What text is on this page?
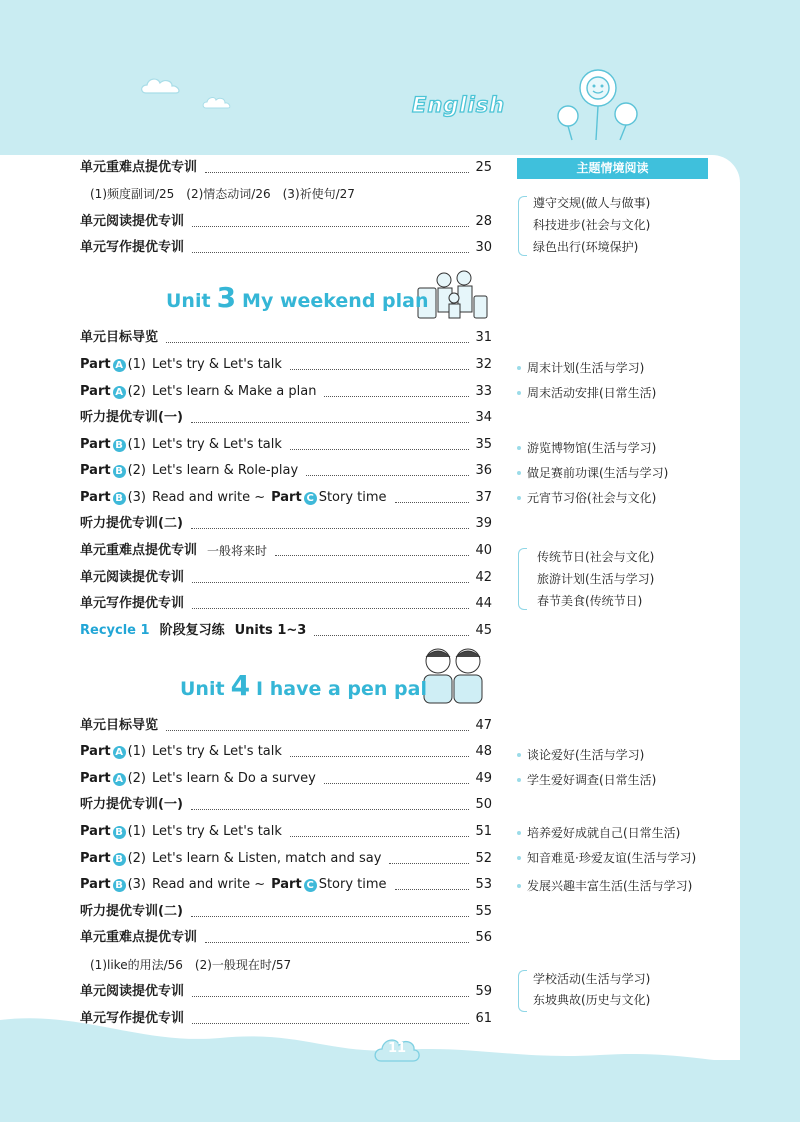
English
主题情境阅读
单元重难点提优专训	25
(1)频度副词/25　(2)情态动词/26　(3)祈使句/27
单元阅读提优专训	28
单元写作提优专训	30
Unit 3 My weekend plan
单元目标导览	31
Part A (1) Let's try & Let's talk	32
Part A (2) Let's learn & Make a plan	33
听力提优专训(一)	34
Part B (1) Let's try & Let's talk	35
Part B (2) Let's learn & Role-play	36
Part B (3) Read and write ~ Part C Story time	37
听力提优专训(二)	39
单元重难点提优专训 一般将来时	40
单元阅读提优专训	42
单元写作提优专训	44
Recycle 1 阶段复习练 Units 1~3	45
Unit 4 I have a pen pal
单元目标导览	47
Part A (1) Let's try & Let's talk	48
Part A (2) Let's learn & Do a survey	49
听力提优专训(一)	50
Part B (1) Let's try & Let's talk	51
Part B (2) Let's learn & Listen, match and say	52
Part B (3) Read and write ~ Part C Story time	53
听力提优专训(二)	55
单元重难点提优专训	56
(1)like的用法/56　(2)一般现在时/57
单元阅读提优专训	59
单元写作提优专训	61
遵守交规(做人与做事)
科技进步(社会与文化)
绿色出行(环境保护)
周末计划(生活与学习)
周末活动安排(日常生活)
游览博物馆(生活与学习)
做足赛前功课(生活与学习)
元宵节习俗(社会与文化)
传统节日(社会与文化)
旅游计划(生活与学习)
春节美食(传统节日)
谈论爱好(生活与学习)
学生爱好调查(日常生活)
培养爱好成就自己(日常生活)
知音难觅·珍爱友谊(生活与学习)
发展兴趣丰富生活(生活与学习)
学校活动(生活与学习)
东坡典故(历史与文化)
11
